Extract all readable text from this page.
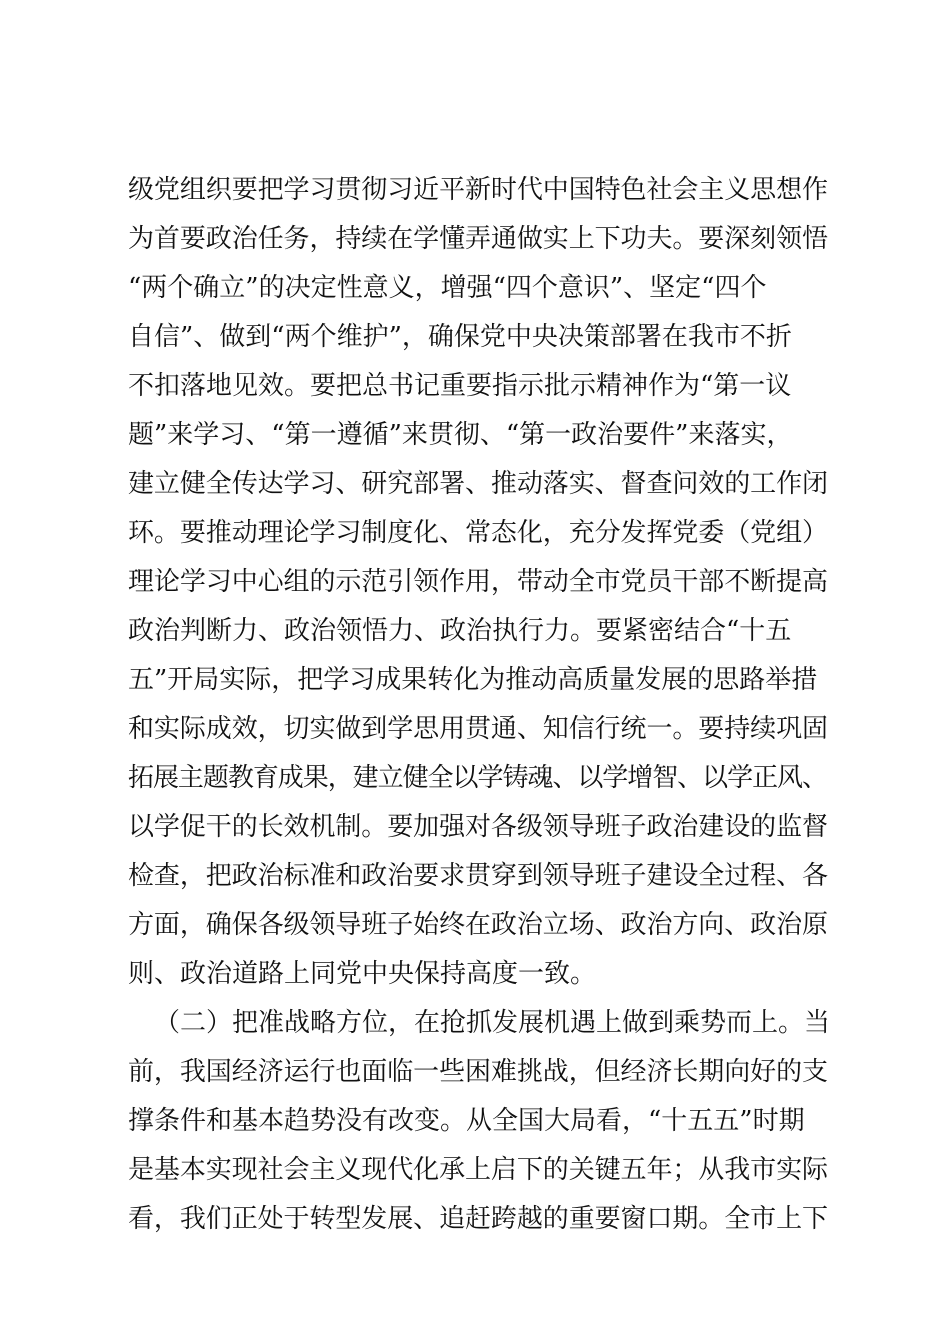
级党组织要把学习贯彻习近平新时代中国特色社会主义思想作
为首要政治任务，持续在学懂弄通做实上下功夫。要深刻领悟
“两个确立”的决定性意义，增强“四个意识”、坚定“四个
自信”、做到“两个维护”，确保党中央决策部署在我市不折
不扣落地见效。要把总书记重要指示批示精神作为“第一议
题”来学习、“第一遵循”来贯彻、“第一政治要件”来落实，
建立健全传达学习、研究部署、推动落实、督查问效的工作闭
环。要推动理论学习制度化、常态化，充分发挥党委（党组）
理论学习中心组的示范引领作用，带动全市党员干部不断提高
政治判断力、政治领悟力、政治执行力。要紧密结合“十五
五”开局实际，把学习成果转化为推动高质量发展的思路举措
和实际成效，切实做到学思用贯通、知信行统一。要持续巩固
拓展主题教育成果，建立健全以学铸魂、以学增智、以学正风、
以学促干的长效机制。要加强对各级领导班子政治建设的监督
检查，把政治标准和政治要求贯穿到领导班子建设全过程、各
方面，确保各级领导班子始终在政治立场、政治方向、政治原
则、政治道路上同党中央保持高度一致。
（二）把准战略方位，在抢抓发展机遇上做到乘势而上。当
前，我国经济运行也面临一些困难挑战，但经济长期向好的支
撑条件和基本趋势没有改变。从全国大局看，“十五五”时期
是基本实现社会主义现代化承上启下的关键五年；从我市实际
看，我们正处于转型发展、追赶跨越的重要窗口期。全市上下
